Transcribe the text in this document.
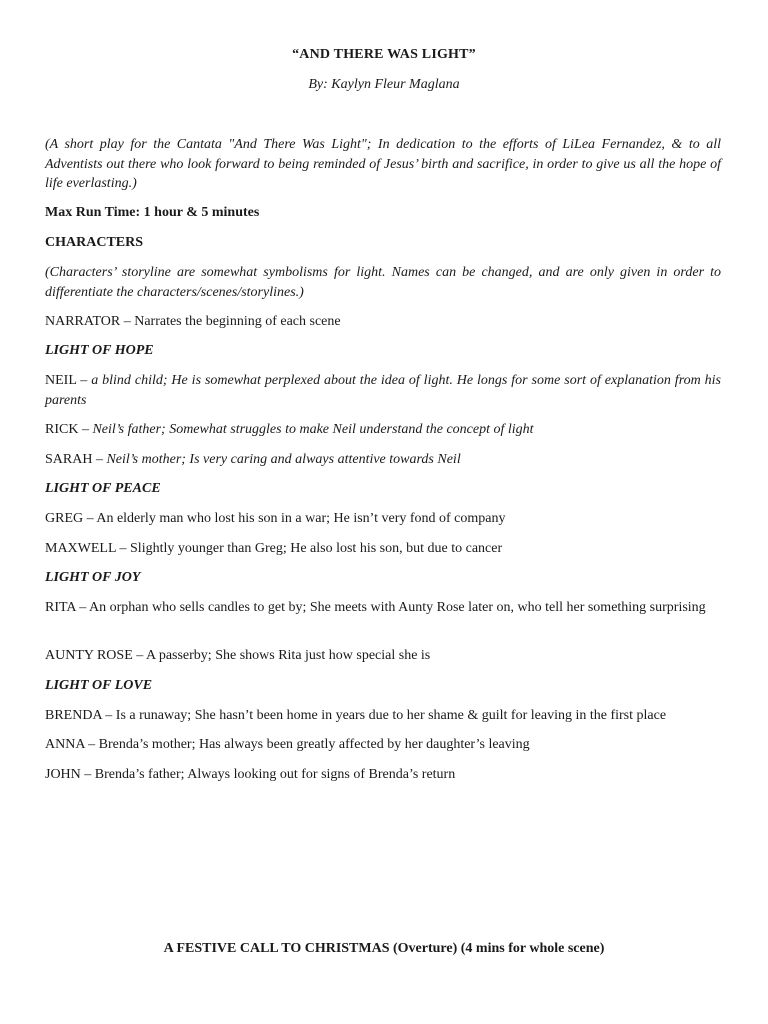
“AND THERE WAS LIGHT”
By: Kaylyn Fleur Maglana
(A short play for the Cantata "And There Was Light"; In dedication to the efforts of LiLea Fernandez, & to all Adventists out there who look forward to being reminded of Jesus’ birth and sacrifice, in order to give us all the hope of life everlasting.)
Max Run Time: 1 hour & 5 minutes
CHARACTERS
(Characters’ storyline are somewhat symbolisms for light. Names can be changed, and are only given in order to differentiate the characters/scenes/storylines.)
NARRATOR – Narrates the beginning of each scene
LIGHT OF HOPE
NEIL – a blind child; He is somewhat perplexed about the idea of light. He longs for some sort of explanation from his parents
RICK – Neil’s father; Somewhat struggles to make Neil understand the concept of light
SARAH – Neil’s mother; Is very caring and always attentive towards Neil
LIGHT OF PEACE
GREG – An elderly man who lost his son in a war; He isn’t very fond of company
MAXWELL – Slightly younger than Greg; He also lost his son, but due to cancer
LIGHT OF JOY
RITA – An orphan who sells candles to get by; She meets with Aunty Rose later on, who tell her something surprising
AUNTY ROSE – A passerby; She shows Rita just how special she is
LIGHT OF LOVE
BRENDA – Is a runaway; She hasn’t been home in years due to her shame & guilt for leaving in the first place
ANNA – Brenda’s mother; Has always been greatly affected by her daughter’s leaving
JOHN – Brenda’s father; Always looking out for signs of Brenda’s return
A FESTIVE CALL TO CHRISTMAS (Overture) (4 mins for whole scene)
